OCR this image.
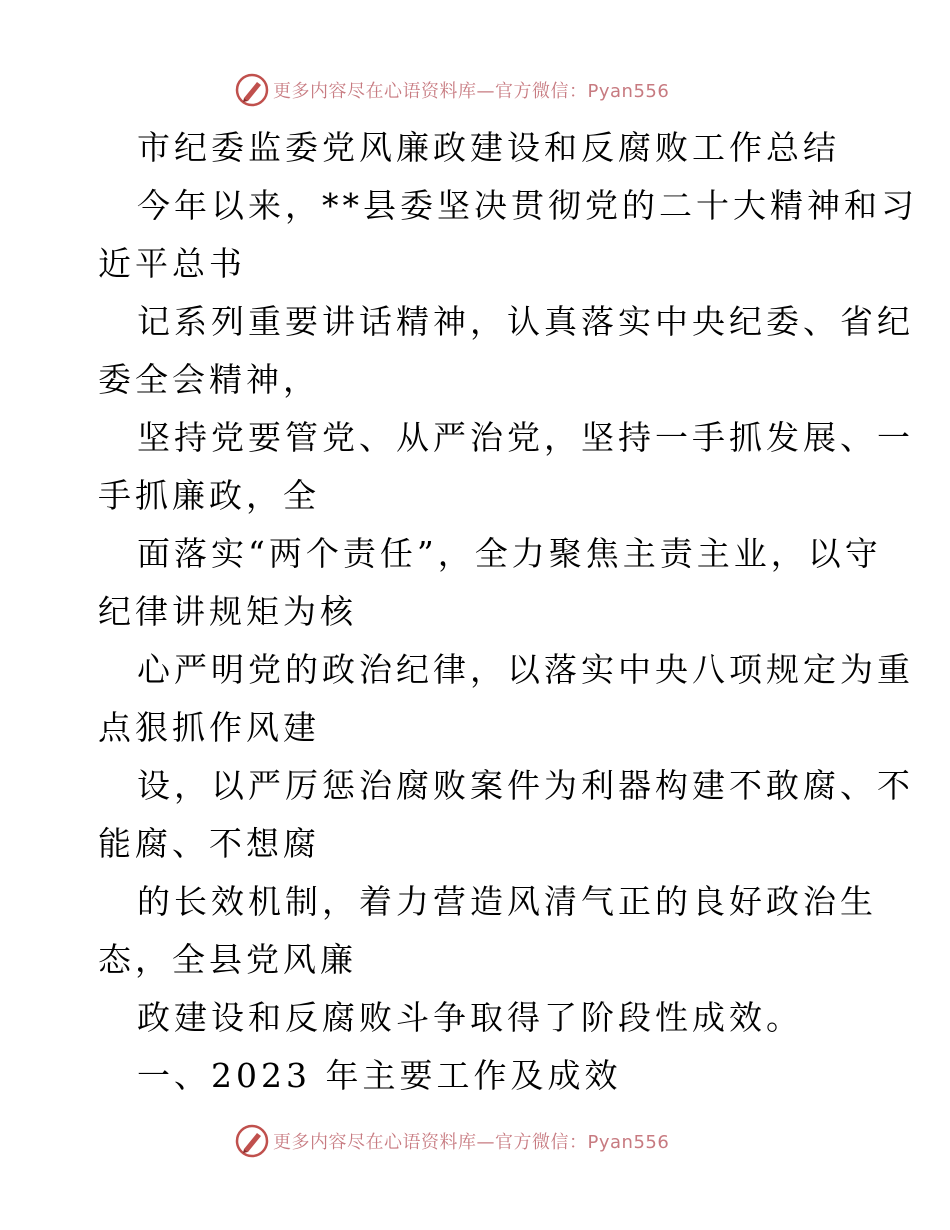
更多内容尽在心语资料库—官方微信：Pyan556
市纪委监委党风廉政建设和反腐败工作总结
今年以来，**县委坚决贯彻党的二十大精神和习
近平总书
记系列重要讲话精神，认真落实中央纪委、省纪
委全会精神，
坚持党要管党、从严治党，坚持一手抓发展、一
手抓廉政，全
面落实“两个责任”，全力聚焦主责主业，以守
纪律讲规矩为核
心严明党的政治纪律，以落实中央八项规定为重
点狠抓作风建
设，以严厉惩治腐败案件为利器构建不敢腐、不
能腐、不想腐
的长效机制，着力营造风清气正的良好政治生
态，全县党风廉
政建设和反腐败斗争取得了阶段性成效。
一、2023 年主要工作及成效
更多内容尽在心语资料库—官方微信：Pyan556
